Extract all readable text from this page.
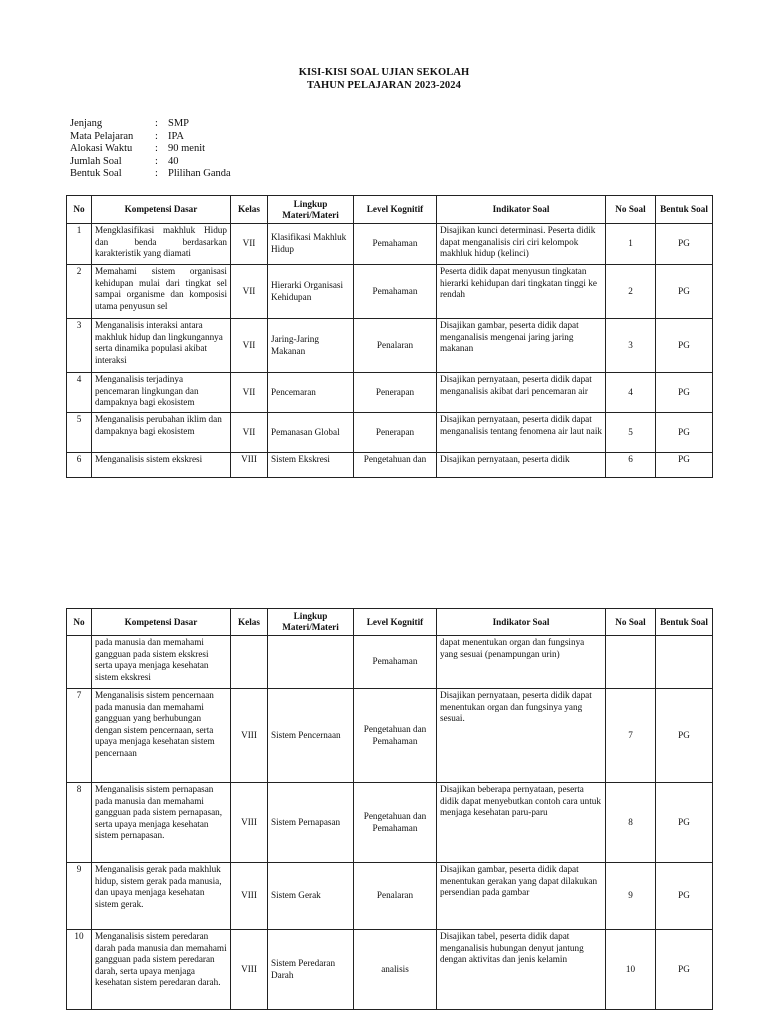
KISI-KISI SOAL UJIAN SEKOLAH
TAHUN PELAJARAN 2023-2024
Jenjang	: SMP
Mata Pelajaran : IPA
Alokasi Waktu : 90 menit
Jumlah Soal	: 40
Bentuk Soal	: Plilihan Ganda
No	Kompetensi Dasar	Kelas	Lingkup Materi/Materi	Level Kognitif	Indikator Soal	No Soal	Bentuk Soal
1	Mengklasifikasi makhluk Hidup dan benda berdasarkan karakteristik yang diamati	VII	Klasifikasi Makhluk Hidup	Pemahaman	Disajikan kunci determinasi. Peserta didik dapat menganalisis ciri ciri kelompok makhluk hidup (kelinci)	1	PG
2	Memahami sistem organisasi kehidupan mulai dari tingkat sel sampai organisme dan komposisi utama penyusun sel	VII	Hierarki Organisasi Kehidupan	Pemahaman	Peserta didik dapat menyusun tingkatan hierarki kehidupan dari tingkatan tinggi ke rendah	2	PG
3	Menganalisis interaksi antara makhluk hidup dan lingkungannya serta dinamika populasi akibat interaksi	VII	Jaring-Jaring Makanan	Penalaran	Disajikan gambar, peserta didik dapat menganalisis mengenai jaring jaring makanan	3	PG
4	Menganalisis terjadinya pencemaran lingkungan dan dampaknya bagi ekosistem	VII	Pencemaran	Penerapan	Disajikan pernyataan, peserta didik dapat menganalisis akibat dari pencemaran air	4	PG
5	Menganalisis perubahan iklim dan dampaknya bagi ekosistem	VII	Pemanasan Global	Penerapan	Disajikan pernyataan, peserta didik dapat menganalisis tentang fenomena air laut naik	5	PG
6	Menganalisis sistem ekskresi	VIII	Sistem Ekskresi	Pengetahuan dan	Disajikan pernyataan, peserta didik	6	PG
No	Kompetensi Dasar	Kelas	Lingkup Materi/Materi	Level Kognitif	Indikator Soal	No Soal	Bentuk Soal
	pada manusia dan memahami gangguan pada sistem ekskresi serta upaya menjaga kesehatan sistem ekskresi			Pemahaman	dapat menentukan organ dan fungsinya yang sesuai (penampungan urin)		
7	Menganalisis sistem pencernaan pada manusia dan memahami gangguan yang berhubungan dengan sistem pencernaan, serta upaya menjaga kesehatan sistem pencernaan	VIII	Sistem Pencernaan	Pengetahuan dan Pemahaman	Disajikan pernyataan, peserta didik dapat menentukan organ dan fungsinya yang sesuai.	7	PG
8	Menganalisis sistem pernapasan pada manusia dan memahami gangguan pada sistem pernapasan, serta upaya menjaga kesehatan sistem pernapasan.	VIII	Sistem Pernapasan	Pengetahuan dan Pemahaman	Disajikan beberapa pernyataan, peserta didik dapat menyebutkan contoh cara untuk menjaga kesehatan paru-paru	8	PG
9	Menganalisis gerak pada makhluk hidup, sistem gerak pada manusia, dan upaya menjaga kesehatan sistem gerak.	VIII	Sistem Gerak	Penalaran	Disajikan gambar, peserta didik dapat menentukan gerakan yang dapat dilakukan persendian pada gambar	9	PG
10	Menganalisis sistem peredaran darah pada manusia dan memahami gangguan pada sistem peredaran darah, serta upaya menjaga kesehatan sistem peredaran darah.	VIII	Sistem Peredaran Darah	analisis	Disajikan tabel, peserta didik dapat menganalisis hubungan denyut jantung dengan aktivitas dan jenis kelamin	10	PG
